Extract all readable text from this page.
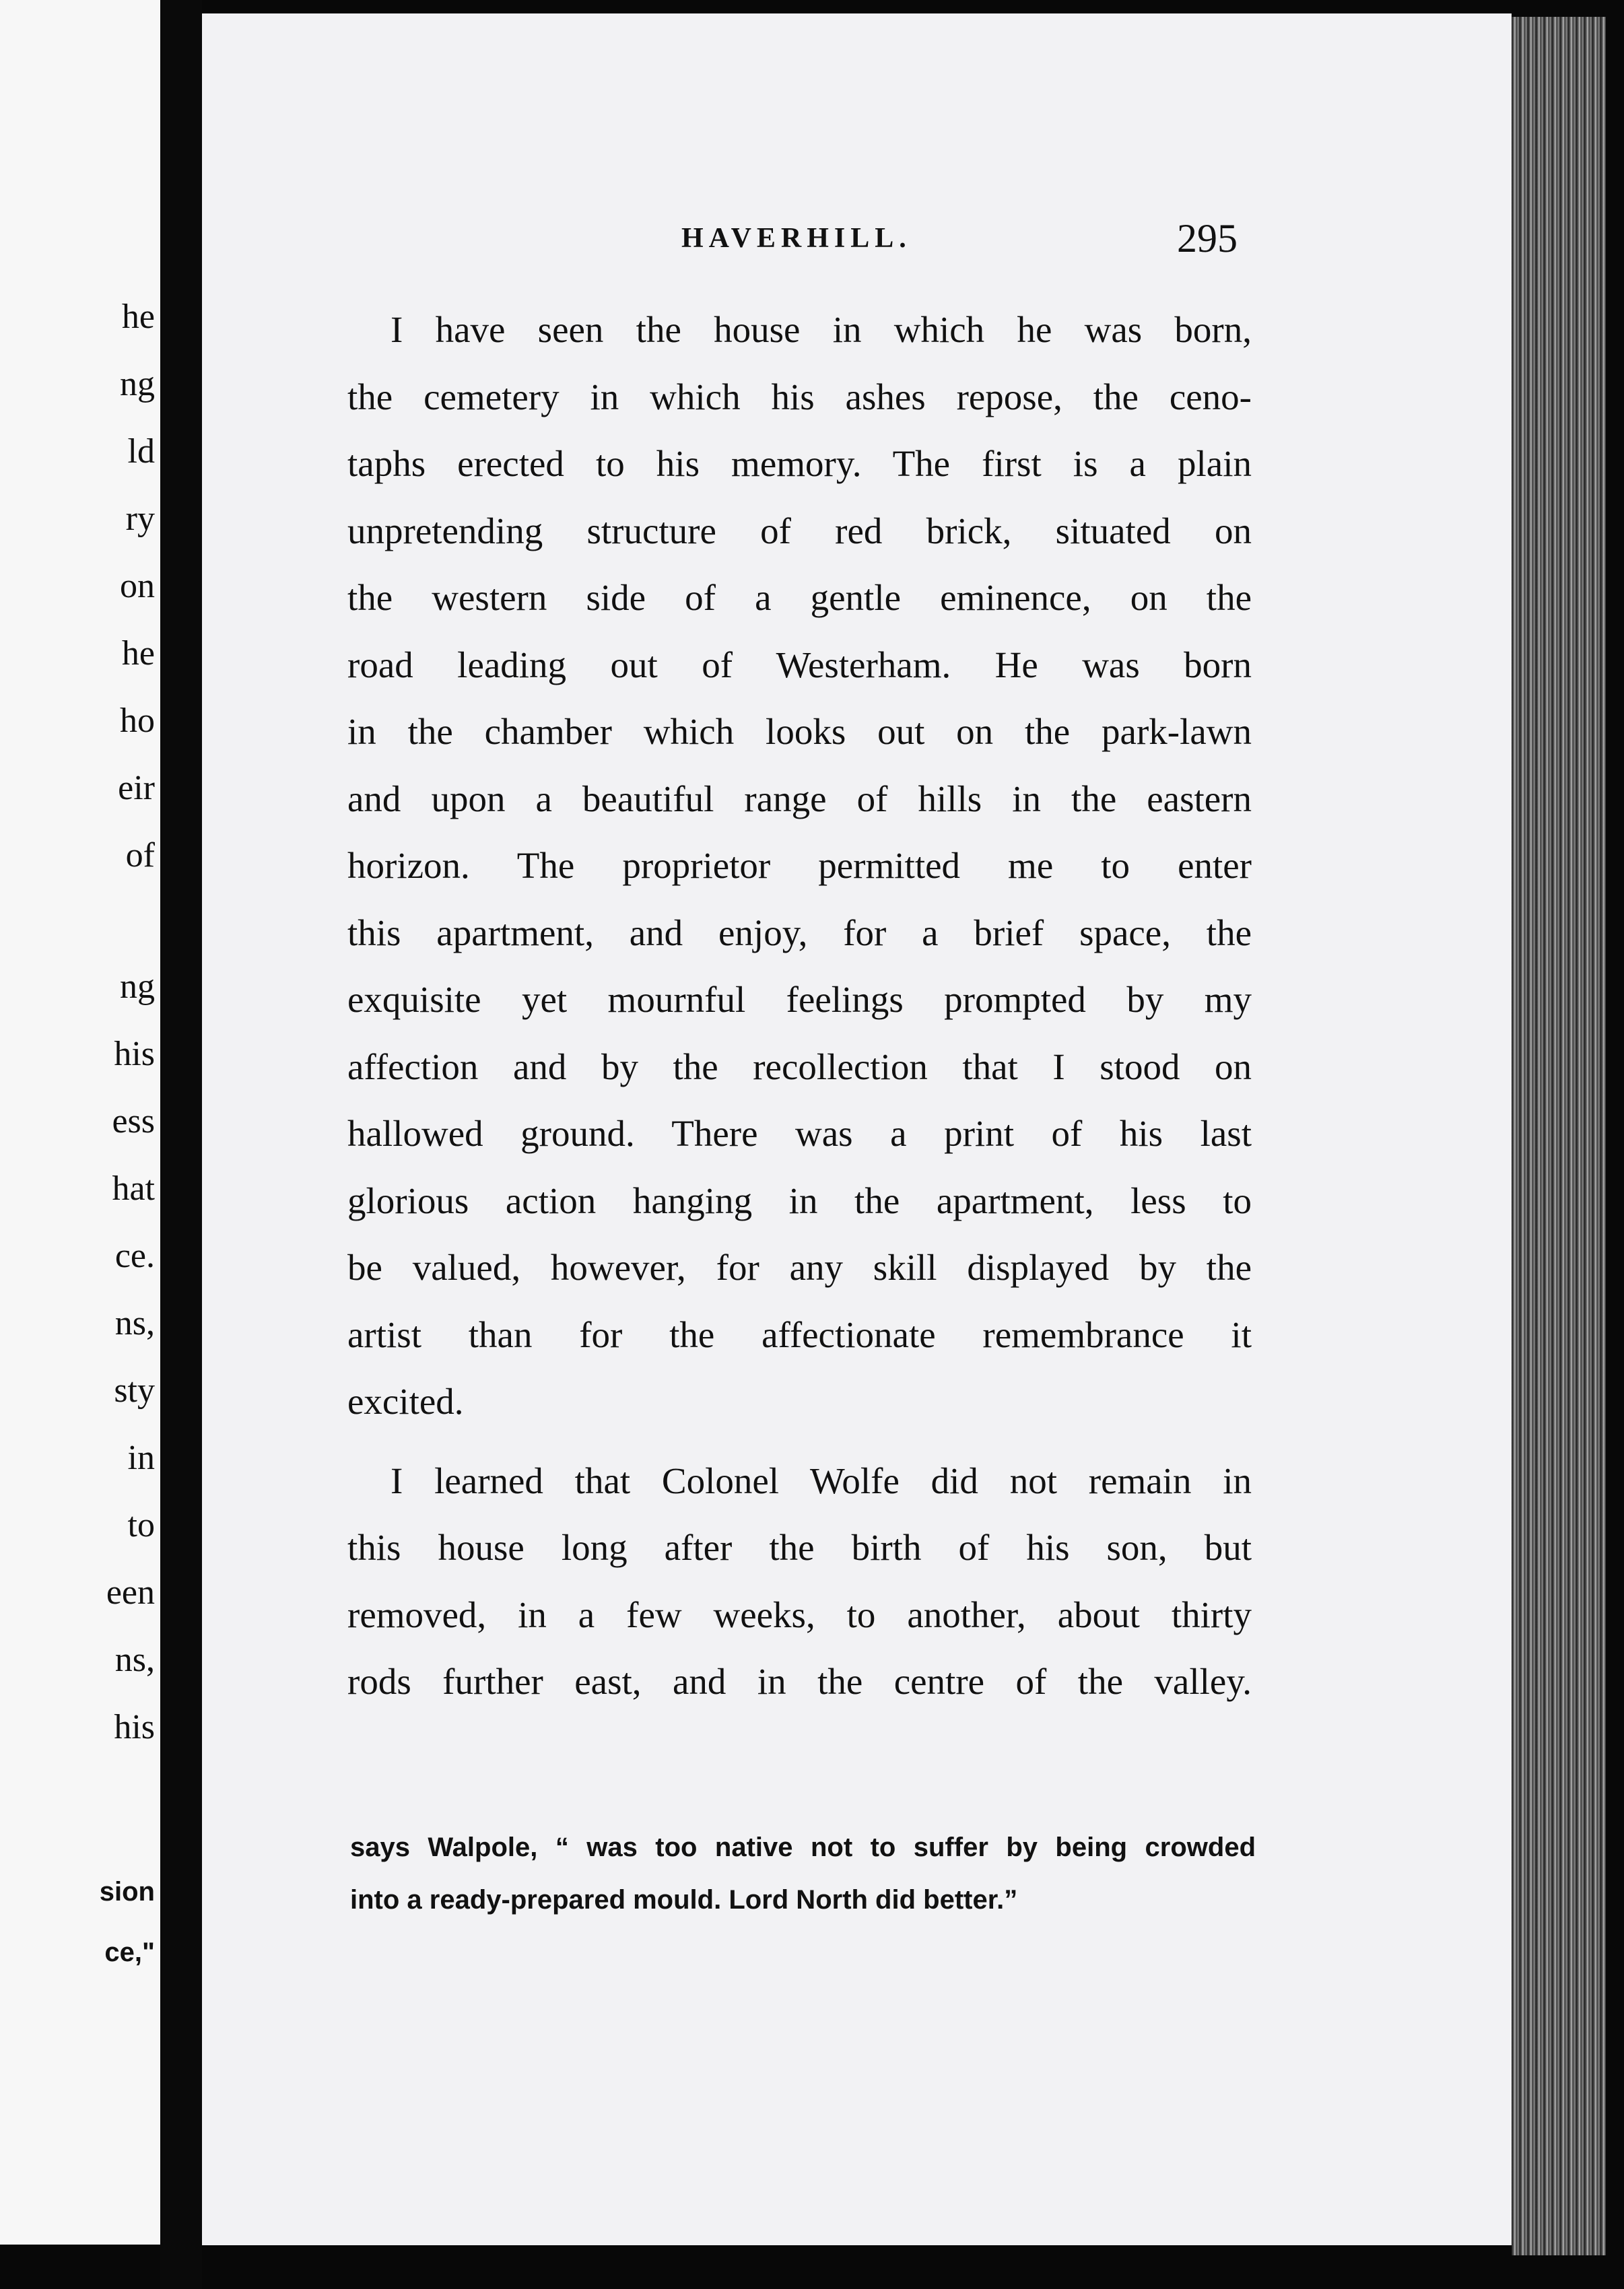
he
ng
ld
ry
on
he
ho
eir
of
ng
his
ess
hat
ce.
ns,
sty
in
to
een
ns,
his
sion
ce,"
HAVERHILL.	295

I have seen the house in which he was born,
the cemetery in which his ashes repose, the ceno-
taphs erected to his memory. The first is a plain
unpretending structure of red brick, situated on
the western side of a gentle eminence, on the
road leading out of Westerham. He was born
in the chamber which looks out on the park-lawn
and upon a beautiful range of hills in the eastern
horizon. The proprietor permitted me to enter
this apartment, and enjoy, for a brief space, the
exquisite yet mournful feelings prompted by my
affection and by the recollection that I stood on
hallowed ground. There was a print of his last
glorious action hanging in the apartment, less to
be valued, however, for any skill displayed by the
artist than for the affectionate remembrance it
excited.

I learned that Colonel Wolfe did not remain in
this house long after the birth of his son, but
removed, in a few weeks, to another, about thirty
rods further east, and in the centre of the valley.

says Walpole, “ was too native not to suffer by being crowded
into a ready-prepared mould. Lord North did better.”
